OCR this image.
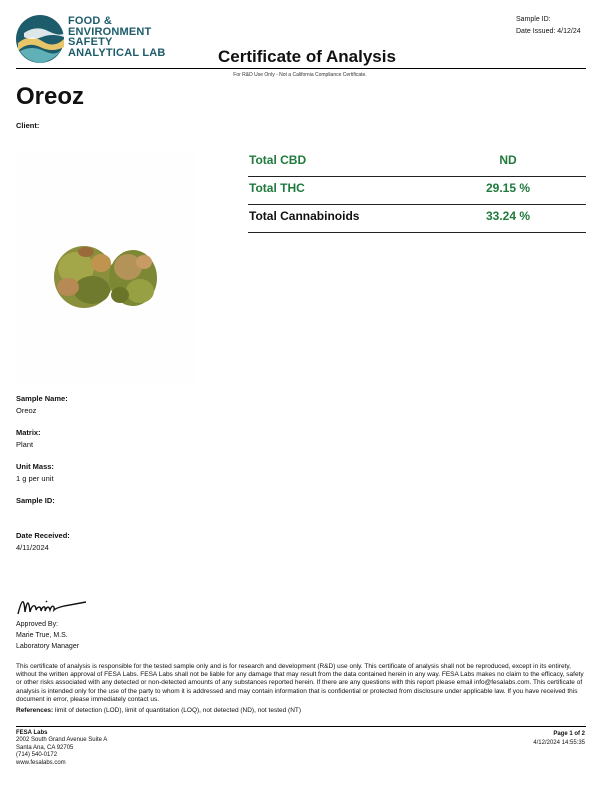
FOOD &
ENVIRONMENT
SAFETY
ANALYTICAL LAB	Certificate of Analysis
Sample ID:
Date Issued: 4/12/24
For R&D Use Only - Not a California Compliance Certificate.
Oreoz
Client:
Total CBD	ND
Total THC	29.15 %
Total Cannabinoids	33.24 %
Sample Name:
Oreoz
Matrix:
Plant
Unit Mass:
1 g per unit
Sample ID:
Date Received:
4/11/2024
Approved By:
Marie True, M.S.
Laboratory Manager
This certificate of analysis is responsible for the tested sample only and is for research and development (R&D) use only. This certificate of analysis shall not be reproduced, except in its entirety, without the written approval of FESA Labs. FESA Labs shall not be liable for any damage that may result from the data contained herein in any way. FESA Labs makes no claim to the efficacy, safety or other risks associated with any detected or non-detected amounts of any substances reported herein. If there are any questions with this report please email info@fesalabs.com. This certificate of analysis is intended only for the use of the party to whom it is addressed and may contain information that is confidential or protected from disclosure under applicable law. If you have received this document in error, please immediately contact us.
References: limit of detection (LOD), limit of quantitation (LOQ), not detected (ND), not tested (NT)
FESA Labs
2002 South Grand Avenue Suite A
Santa Ana, CA 92705
(714) 540-0172
www.fesalabs.com
Page 1 of 2
4/12/2024 14:55:35
